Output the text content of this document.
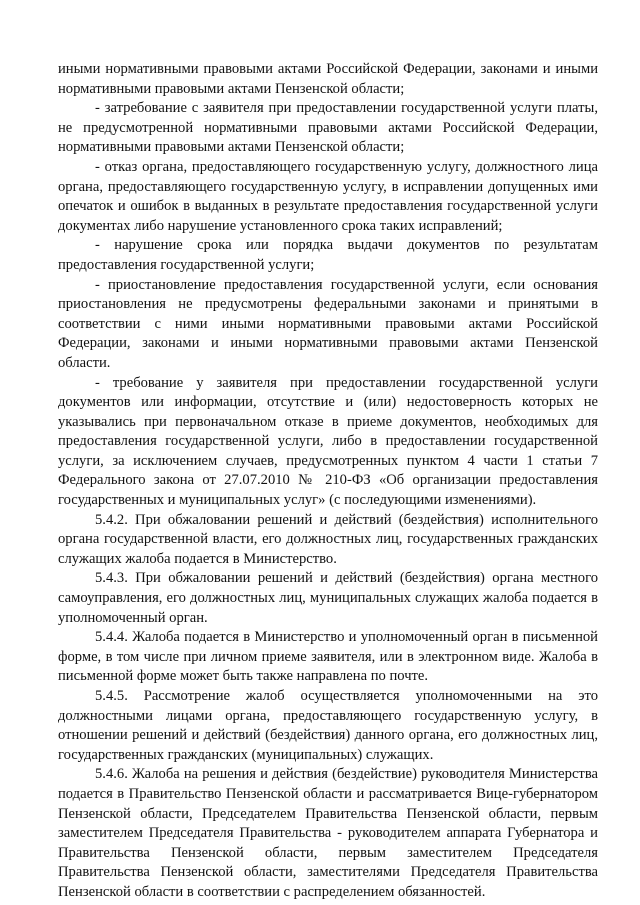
иными нормативными правовыми актами Российской Федерации, законами и иными нормативными правовыми актами Пензенской области;

- затребование с заявителя при предоставлении государственной услуги платы, не предусмотренной нормативными правовыми актами Российской Федерации, нормативными правовыми актами Пензенской области;

- отказ органа, предоставляющего государственную услугу, должностного лица органа, предоставляющего государственную услугу, в исправлении допущенных ими опечаток и ошибок в выданных в результате предоставления государственной услуги документах либо нарушение установленного срока таких исправлений;

- нарушение срока или порядка выдачи документов по результатам предоставления государственной услуги;

- приостановление предоставления государственной услуги, если основания приостановления не предусмотрены федеральными законами и принятыми в соответствии с ними иными нормативными правовыми актами Российской Федерации, законами и иными нормативными правовыми актами Пензенской области.

- требование у заявителя при предоставлении государственной услуги документов или информации, отсутствие и (или) недостоверность которых не указывались при первоначальном отказе в приеме документов, необходимых для предоставления государственной услуги, либо в предоставлении государственной услуги, за исключением случаев, предусмотренных пунктом 4 части 1 статьи 7 Федерального закона от 27.07.2010 № 210-ФЗ «Об организации предоставления государственных и муниципальных услуг» (с последующими изменениями).

5.4.2. При обжаловании решений и действий (бездействия) исполнительного органа государственной власти, его должностных лиц, государственных гражданских служащих жалоба подается в Министерство.

5.4.3. При обжаловании решений и действий (бездействия) органа местного самоуправления, его должностных лиц, муниципальных служащих жалоба подается в уполномоченный орган.

5.4.4. Жалоба подается в Министерство и уполномоченный орган в письменной форме, в том числе при личном приеме заявителя, или в электронном виде. Жалоба в письменной форме может быть также направлена по почте.

5.4.5. Рассмотрение жалоб осуществляется уполномоченными на это должностными лицами органа, предоставляющего государственную услугу, в отношении решений и действий (бездействия) данного органа, его должностных лиц, государственных гражданских (муниципальных) служащих.

5.4.6. Жалоба на решения и действия (бездействие) руководителя Министерства подается в Правительство Пензенской области и рассматривается Вице-губернатором Пензенской области, Председателем Правительства Пензенской области, первым заместителем Председателя Правительства - руководителем аппарата Губернатора и Правительства Пензенской области, первым заместителем Председателя Правительства Пензенской области, заместителями Председателя Правительства Пензенской области в соответствии с распределением обязанностей.
